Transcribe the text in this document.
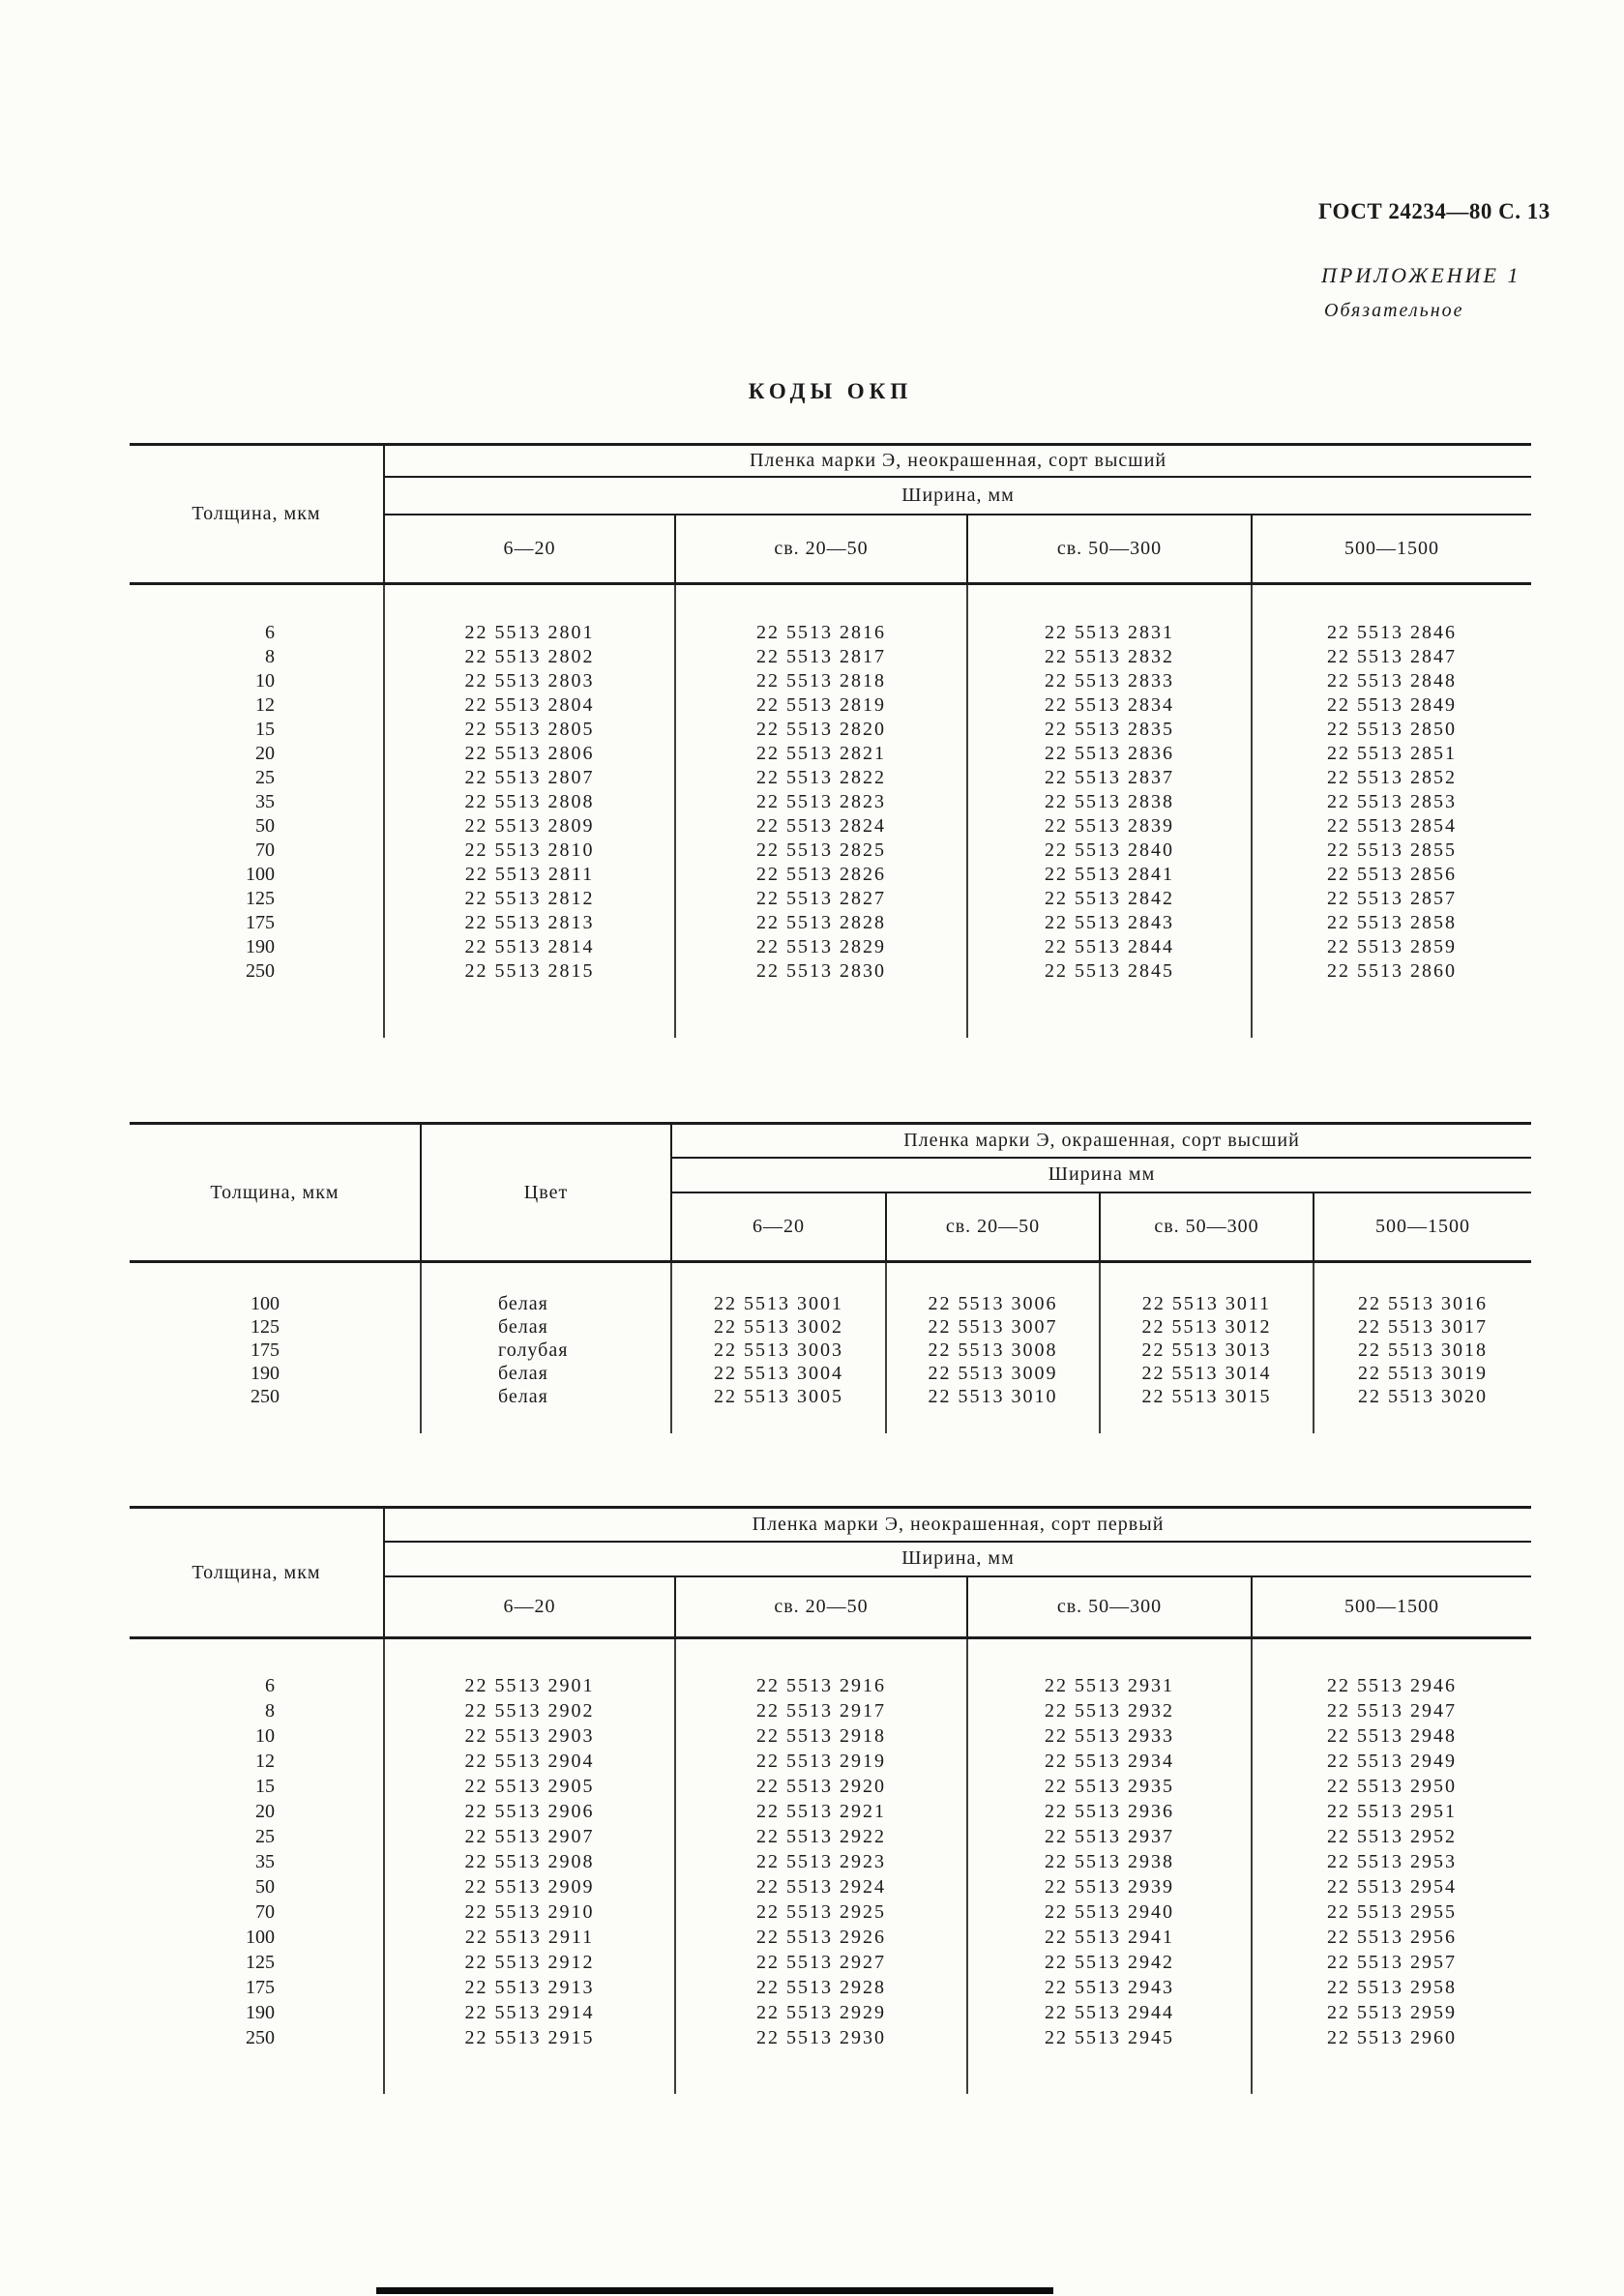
ГОСТ 24234—80 С. 13
ПРИЛОЖЕНИЕ 1
Обязательное
КОДЫ ОКП
Толщина, мкм	Пленка марки Э, неокрашенная, сорт высший			
	Ширина, мм			
	6—20	св. 20—50	св. 50—300	500—1500
6	22 5513 2801	22 5513 2816	22 5513 2831	22 5513 2846
8	22 5513 2802	22 5513 2817	22 5513 2832	22 5513 2847
10	22 5513 2803	22 5513 2818	22 5513 2833	22 5513 2848
12	22 5513 2804	22 5513 2819	22 5513 2834	22 5513 2849
15	22 5513 2805	22 5513 2820	22 5513 2835	22 5513 2850
20	22 5513 2806	22 5513 2821	22 5513 2836	22 5513 2851
25	22 5513 2807	22 5513 2822	22 5513 2837	22 5513 2852
35	22 5513 2808	22 5513 2823	22 5513 2838	22 5513 2853
50	22 5513 2809	22 5513 2824	22 5513 2839	22 5513 2854
70	22 5513 2810	22 5513 2825	22 5513 2840	22 5513 2855
100	22 5513 2811	22 5513 2826	22 5513 2841	22 5513 2856
125	22 5513 2812	22 5513 2827	22 5513 2842	22 5513 2857
175	22 5513 2813	22 5513 2828	22 5513 2843	22 5513 2858
190	22 5513 2814	22 5513 2829	22 5513 2844	22 5513 2859
250	22 5513 2815	22 5513 2830	22 5513 2845	22 5513 2860

Толщина, мкм	Цвет	Пленка марки Э, окрашенная, сорт высший			
		Ширина мм			
		6—20	св. 20—50	св. 50—300	500—1500
100	белая	22 5513 3001	22 5513 3006	22 5513 3011	22 5513 3016
125	белая	22 5513 3002	22 5513 3007	22 5513 3012	22 5513 3017
175	голубая	22 5513 3003	22 5513 3008	22 5513 3013	22 5513 3018
190	белая	22 5513 3004	22 5513 3009	22 5513 3014	22 5513 3019
250	белая	22 5513 3005	22 5513 3010	22 5513 3015	22 5513 3020

Толщина, мкм	Пленка марки Э, неокрашенная, сорт первый			
	Ширина, мм			
	6—20	св. 20—50	св. 50—300	500—1500
6	22 5513 2901	22 5513 2916	22 5513 2931	22 5513 2946
8	22 5513 2902	22 5513 2917	22 5513 2932	22 5513 2947
10	22 5513 2903	22 5513 2918	22 5513 2933	22 5513 2948
12	22 5513 2904	22 5513 2919	22 5513 2934	22 5513 2949
15	22 5513 2905	22 5513 2920	22 5513 2935	22 5513 2950
20	22 5513 2906	22 5513 2921	22 5513 2936	22 5513 2951
25	22 5513 2907	22 5513 2922	22 5513 2937	22 5513 2952
35	22 5513 2908	22 5513 2923	22 5513 2938	22 5513 2953
50	22 5513 2909	22 5513 2924	22 5513 2939	22 5513 2954
70	22 5513 2910	22 5513 2925	22 5513 2940	22 5513 2955
100	22 5513 2911	22 5513 2926	22 5513 2941	22 5513 2956
125	22 5513 2912	22 5513 2927	22 5513 2942	22 5513 2957
175	22 5513 2913	22 5513 2928	22 5513 2943	22 5513 2958
190	22 5513 2914	22 5513 2929	22 5513 2944	22 5513 2959
250	22 5513 2915	22 5513 2930	22 5513 2945	22 5513 2960
